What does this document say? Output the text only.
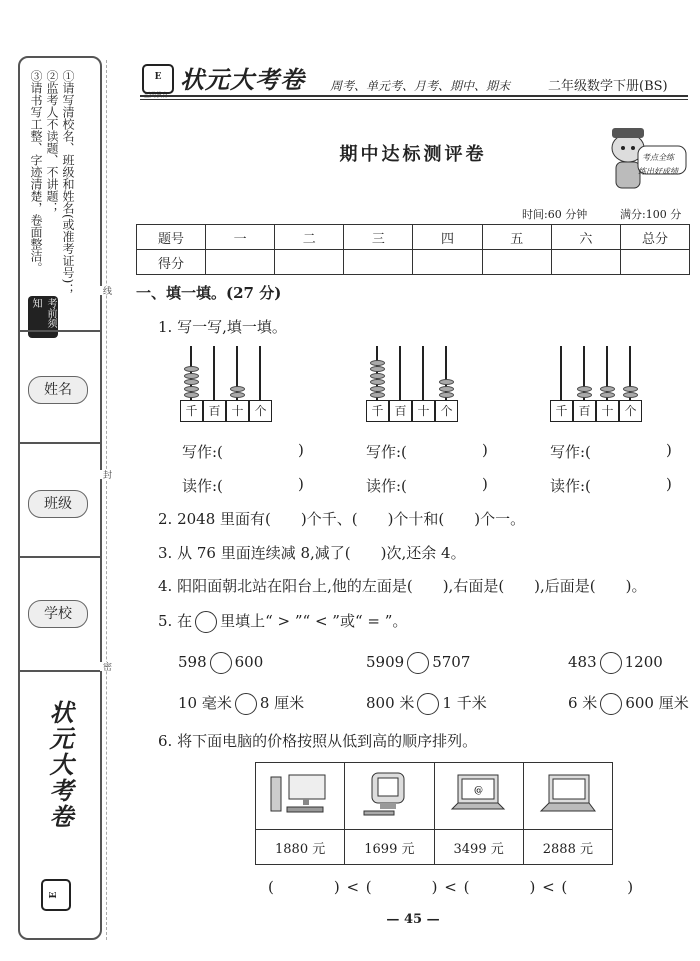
①请写清校名、班级和姓名(或准考证号)；
②监考人不读题、不讲题；
③请书写工整、字迹清楚，卷面整洁。
考前须知
姓名
班级
学校
状元大考卷
E
线
封
密
E
至尚教育
状元大考卷 周考、单元考、月考、期中、期末	二年级数学下册(BS)
期中达标测评卷	考点全练
练出好成绩
时间:60 分钟	满分:100 分
题号	一	二	三	四	五	六	总分
得分							
一、填一填。(27 分)
1. 写一写,填一填。
千 百 十 个	千 百 十 个	千 百 十 个
写作:(	)
读作:(	)
写作:(	)
读作:(	)
写作:(	)
读作:(	)
2. 2048 里面有(　　)个千、(　　)个十和(　　)个一。
3. 从 76 里面连续减 8,减了(　　)次,还余 4。
4. 阳阳面朝北站在阳台上,他的左面是(　　),右面是(　　),后面是(　　)。
5. 在 里填上“ > ”“ < ”或“ = ”。
598 600	5909 5707	483 1200
10 毫米 8 厘米	800 米 1 千米	6 米 600 厘米
6. 将下面电脑的价格按照从低到高的顺序排列。

@

1880 元	1699 元	3499 元	2888 元
(　　　　) < (　　　　) < (　　　　) < (　　　　)
— 45 —
